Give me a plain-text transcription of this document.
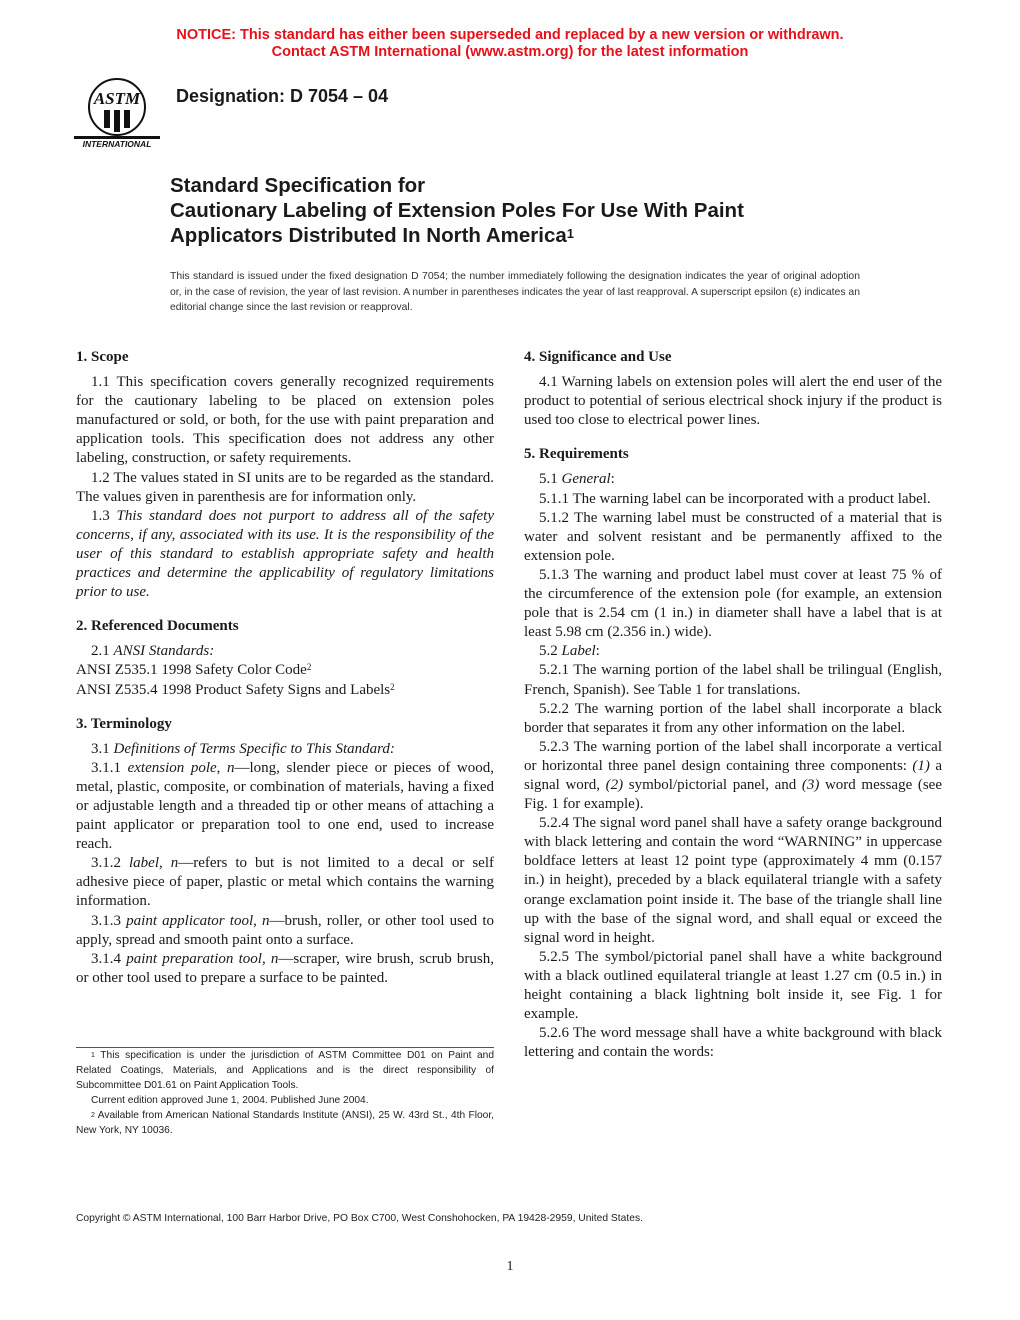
NOTICE: This standard has either been superseded and replaced by a new version or withdrawn.
Contact ASTM International (www.astm.org) for the latest information
ASTM
INTERNATIONAL
Designation: D 7054 – 04
Standard Specification for
Cautionary Labeling of Extension Poles For Use With Paint
Applicators Distributed In North America$^1$
This standard is issued under the fixed designation D 7054; the number immediately following the designation indicates the year of original adoption or, in the case of revision, the year of last revision. A number in parentheses indicates the year of last reapproval. A superscript epsilon (ε) indicates an editorial change since the last revision or reapproval.
1. Scope

1.1 This specification covers generally recognized requirements for the cautionary labeling to be placed on extension poles manufactured or sold, or both, for the use with paint preparation and application tools. This specification does not address any other labeling, construction, or safety requirements.

1.2 The values stated in SI units are to be regarded as the standard. The values given in parenthesis are for information only.

1.3 This standard does not purport to address all of the safety concerns, if any, associated with its use. It is the responsibility of the user of this standard to establish appropriate safety and health practices and determine the applicability of regulatory limitations prior to use.

2. Referenced Documents

2.1 ANSI Standards:

ANSI Z535.1 1998 Safety Color Code$^2$

ANSI Z535.4 1998 Product Safety Signs and Labels$^2$

3. Terminology

3.1 Definitions of Terms Specific to This Standard:

3.1.1 extension pole, n—long, slender piece or pieces of wood, metal, plastic, composite, or combination of materials, having a fixed or adjustable length and a threaded tip or other means of attaching a paint applicator or preparation tool to one end, used to increase reach.

3.1.2 label, n—refers to but is not limited to a decal or self adhesive piece of paper, plastic or metal which contains the warning information.

3.1.3 paint applicator tool, n—brush, roller, or other tool used to apply, spread and smooth paint onto a surface.

3.1.4 paint preparation tool, n—scraper, wire brush, scrub brush, or other tool used to prepare a surface to be painted.

$^1$ This specification is under the jurisdiction of ASTM Committee D01 on Paint and Related Coatings, Materials, and Applications and is the direct responsibility of Subcommittee D01.61 on Paint Application Tools.

Current edition approved June 1, 2004. Published June 2004.

$^2$ Available from American National Standards Institute (ANSI), 25 W. 43rd St., 4th Floor, New York, NY 10036.

4. Significance and Use

4.1 Warning labels on extension poles will alert the end user of the product to potential of serious electrical shock injury if the product is used too close to electrical power lines.

5. Requirements

5.1 General:

5.1.1 The warning label can be incorporated with a product label.

5.1.2 The warning label must be constructed of a material that is water and solvent resistant and be permanently affixed to the extension pole.

5.1.3 The warning and product label must cover at least 75 % of the circumference of the extension pole (for example, an extension pole that is 2.54 cm (1 in.) in diameter shall have a label that is at least 5.98 cm (2.356 in.) wide).

5.2 Label:

5.2.1 The warning portion of the label shall be trilingual (English, French, Spanish). See Table 1 for translations.

5.2.2 The warning portion of the label shall incorporate a black border that separates it from any other information on the label.

5.2.3 The warning portion of the label shall incorporate a vertical or horizontal three panel design containing three components: (1) a signal word, (2) symbol/pictorial panel, and (3) word message (see Fig. 1 for example).

5.2.4 The signal word panel shall have a safety orange background with black lettering and contain the word “WARNING” in uppercase boldface letters at least 12 point type (approximately 4 mm (0.157 in.) in height), preceded by a black equilateral triangle with a safety orange exclamation point inside it. The base of the triangle shall line up with the base of the signal word, and shall equal or exceed the signal word in height.

5.2.5 The symbol/pictorial panel shall have a white background with a black outlined equilateral triangle at least 1.27 cm (0.5 in.) in height containing a black lightning bolt inside it, see Fig. 1 for example.

5.2.6 The word message shall have a white background with black lettering and contain the words:

Copyright © ASTM International, 100 Barr Harbor Drive, PO Box C700, West Conshohocken, PA 19428-2959, United States.
1
